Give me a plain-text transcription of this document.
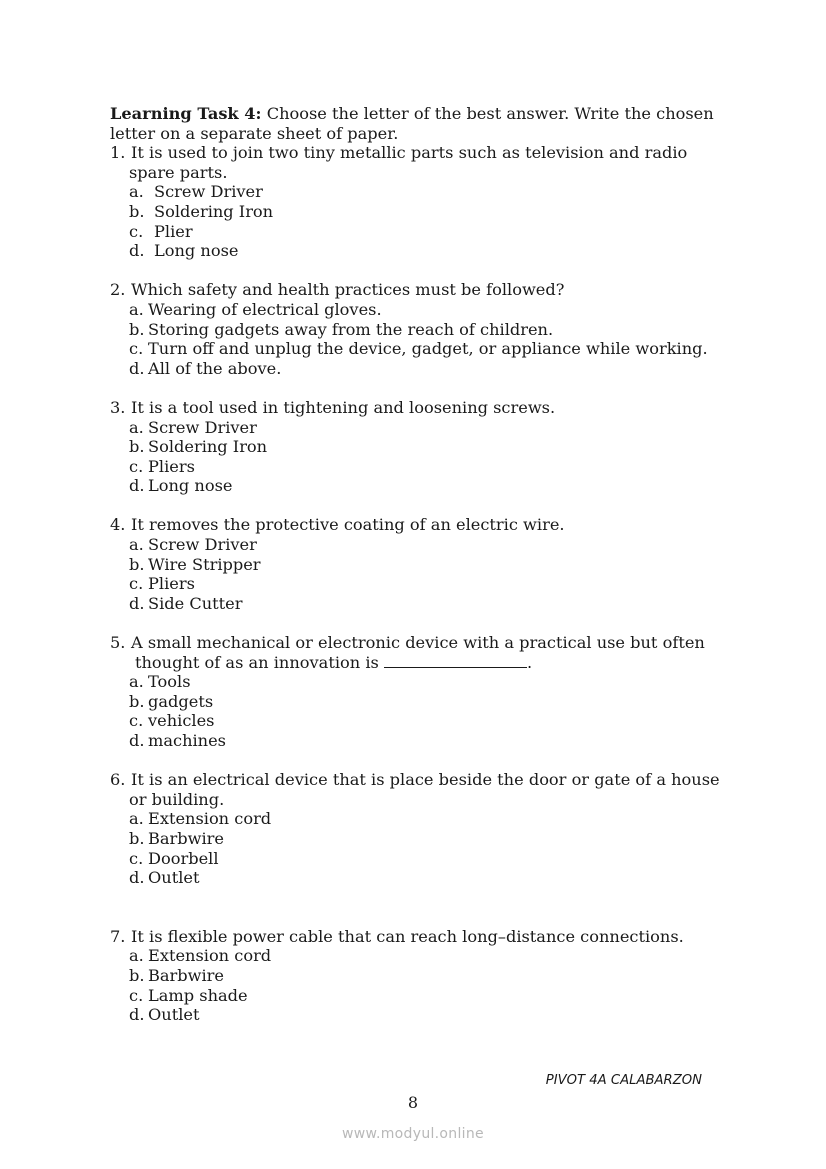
Learning Task 4: Choose the letter of the best answer. Write the chosen
letter on a separate sheet of paper.

1. It is used to join two tiny metallic parts such as television and radio
spare parts.
a. Screw Driver
b. Soldering Iron
c. Plier
d. Long nose
2. Which safety and health practices must be followed?
a. Wearing of electrical gloves.
b. Storing gadgets away from the reach of children.
c. Turn off and unplug the device, gadget, or appliance while working.
d. All of the above.
3. It is a tool used in tightening and loosening screws.
a. Screw Driver
b. Soldering Iron
c. Pliers
d. Long nose
4. It removes the protective coating of an electric wire.
a. Screw Driver
b. Wire Stripper
c. Pliers
d. Side Cutter
5. A small mechanical or electronic device with a practical use but often
thought of as an innovation is	.
a. Tools
b. gadgets
c. vehicles
d. machines
6. It is an electrical device that is place beside the door or gate of a house
or building.
a. Extension cord
b. Barbwire
c. Doorbell
d. Outlet
7. It is flexible power cable that can reach long–distance connections.
a. Extension cord
b. Barbwire
c. Lamp shade
d. Outlet
PIVOT 4A CALABARZON
8
www.modyul.online
